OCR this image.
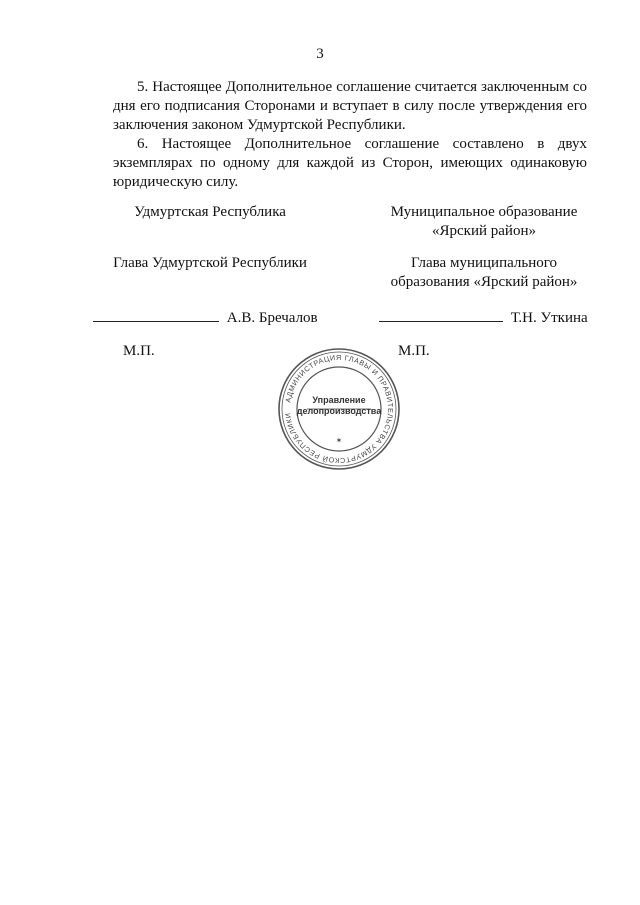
3

5. Настоящее Дополнительное соглашение считается заключенным со дня его подписания Сторонами и вступает в силу после утверждения его заключения законом Удмуртской Республики.

6. Настоящее Дополнительное соглашение составлено в двух экземплярах по одному для каждой из Сторон, имеющих одинаковую юридическую силу.

Удмуртская Республика	Муниципальное образование
«Ярский район»
Глава Удмуртской Республики	Глава муниципального
образования «Ярский район»
А.В. Бречалов	Т.Н. Уткина
М.П.	М.П.
АДМИНИСТРАЦИЯ ГЛАВЫ И ПРАВИТЕЛЬСТВА УДМУРТСКОЙ РЕСПУБЛИКИ
✶
Управление
делопроизводства
